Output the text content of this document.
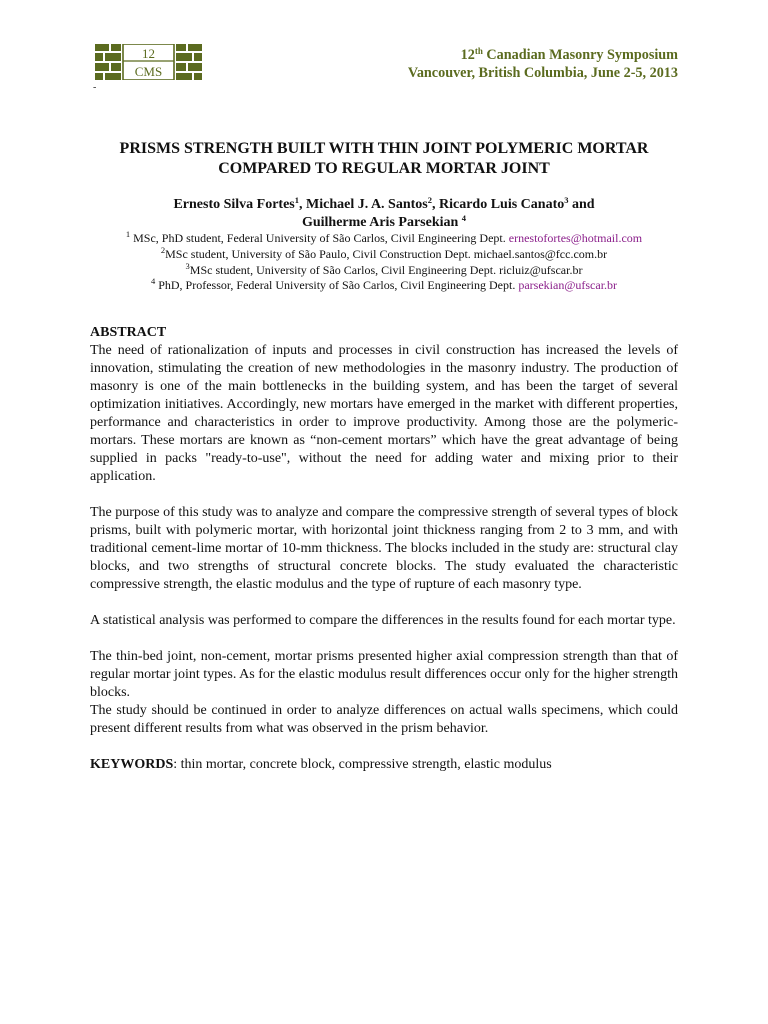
12
CMS
-
12th Canadian Masonry Symposium
Vancouver, British Columbia, June 2-5, 2013
PRISMS STRENGTH BUILT WITH THIN JOINT POLYMERIC MORTAR
COMPARED TO REGULAR MORTAR JOINT
Ernesto Silva Fortes$^1$, Michael J. A. Santos$^2$, Ricardo Luis Canato$^3$ and
Guilherme Aris Parsekian $^4$
$^1$ MSc, PhD student, Federal University of São Carlos, Civil Engineering Dept. ernestofortes@hotmail.com
$^2$MSc student, University of São Paulo, Civil Construction Dept. michael.santos@fcc.com.br
$^3$MSc student, University of São Carlos, Civil Engineering Dept. ricluiz@ufscar.br
$^4$ PhD, Professor, Federal University of São Carlos, Civil Engineering Dept. parsekian@ufscar.br
ABSTRACT

The need of rationalization of inputs and processes in civil construction has increased the levels of innovation, stimulating the creation of new methodologies in the masonry industry. The production of masonry is one of the main bottlenecks in the building system, and has been the target of several optimization initiatives. Accordingly, new mortars have emerged in the market with different properties, performance and characteristics in order to improve productivity. Among those are the polymeric-mortars. These mortars are known as “non-cement mortars” which have the great advantage of being supplied in packs "ready-to-use", without the need for adding water and mixing prior to their application.

The purpose of this study was to analyze and compare the compressive strength of several types of block prisms, built with polymeric mortar, with horizontal joint thickness ranging from 2 to 3 mm, and with traditional cement-lime mortar of 10-mm thickness. The blocks included in the study are: structural clay blocks, and two strengths of structural concrete blocks. The study evaluated the characteristic compressive strength, the elastic modulus and the type of rupture of each masonry type.

A statistical analysis was performed to compare the differences in the results found for each mortar type.

The thin-bed joint, non-cement, mortar prisms presented higher axial compression strength than that of regular mortar joint types. As for the elastic modulus result differences occur only for the higher strength blocks.

The study should be continued in order to analyze differences on actual walls specimens, which could present different results from what was observed in the prism behavior.

KEYWORDS: thin mortar, concrete block, compressive strength, elastic modulus
